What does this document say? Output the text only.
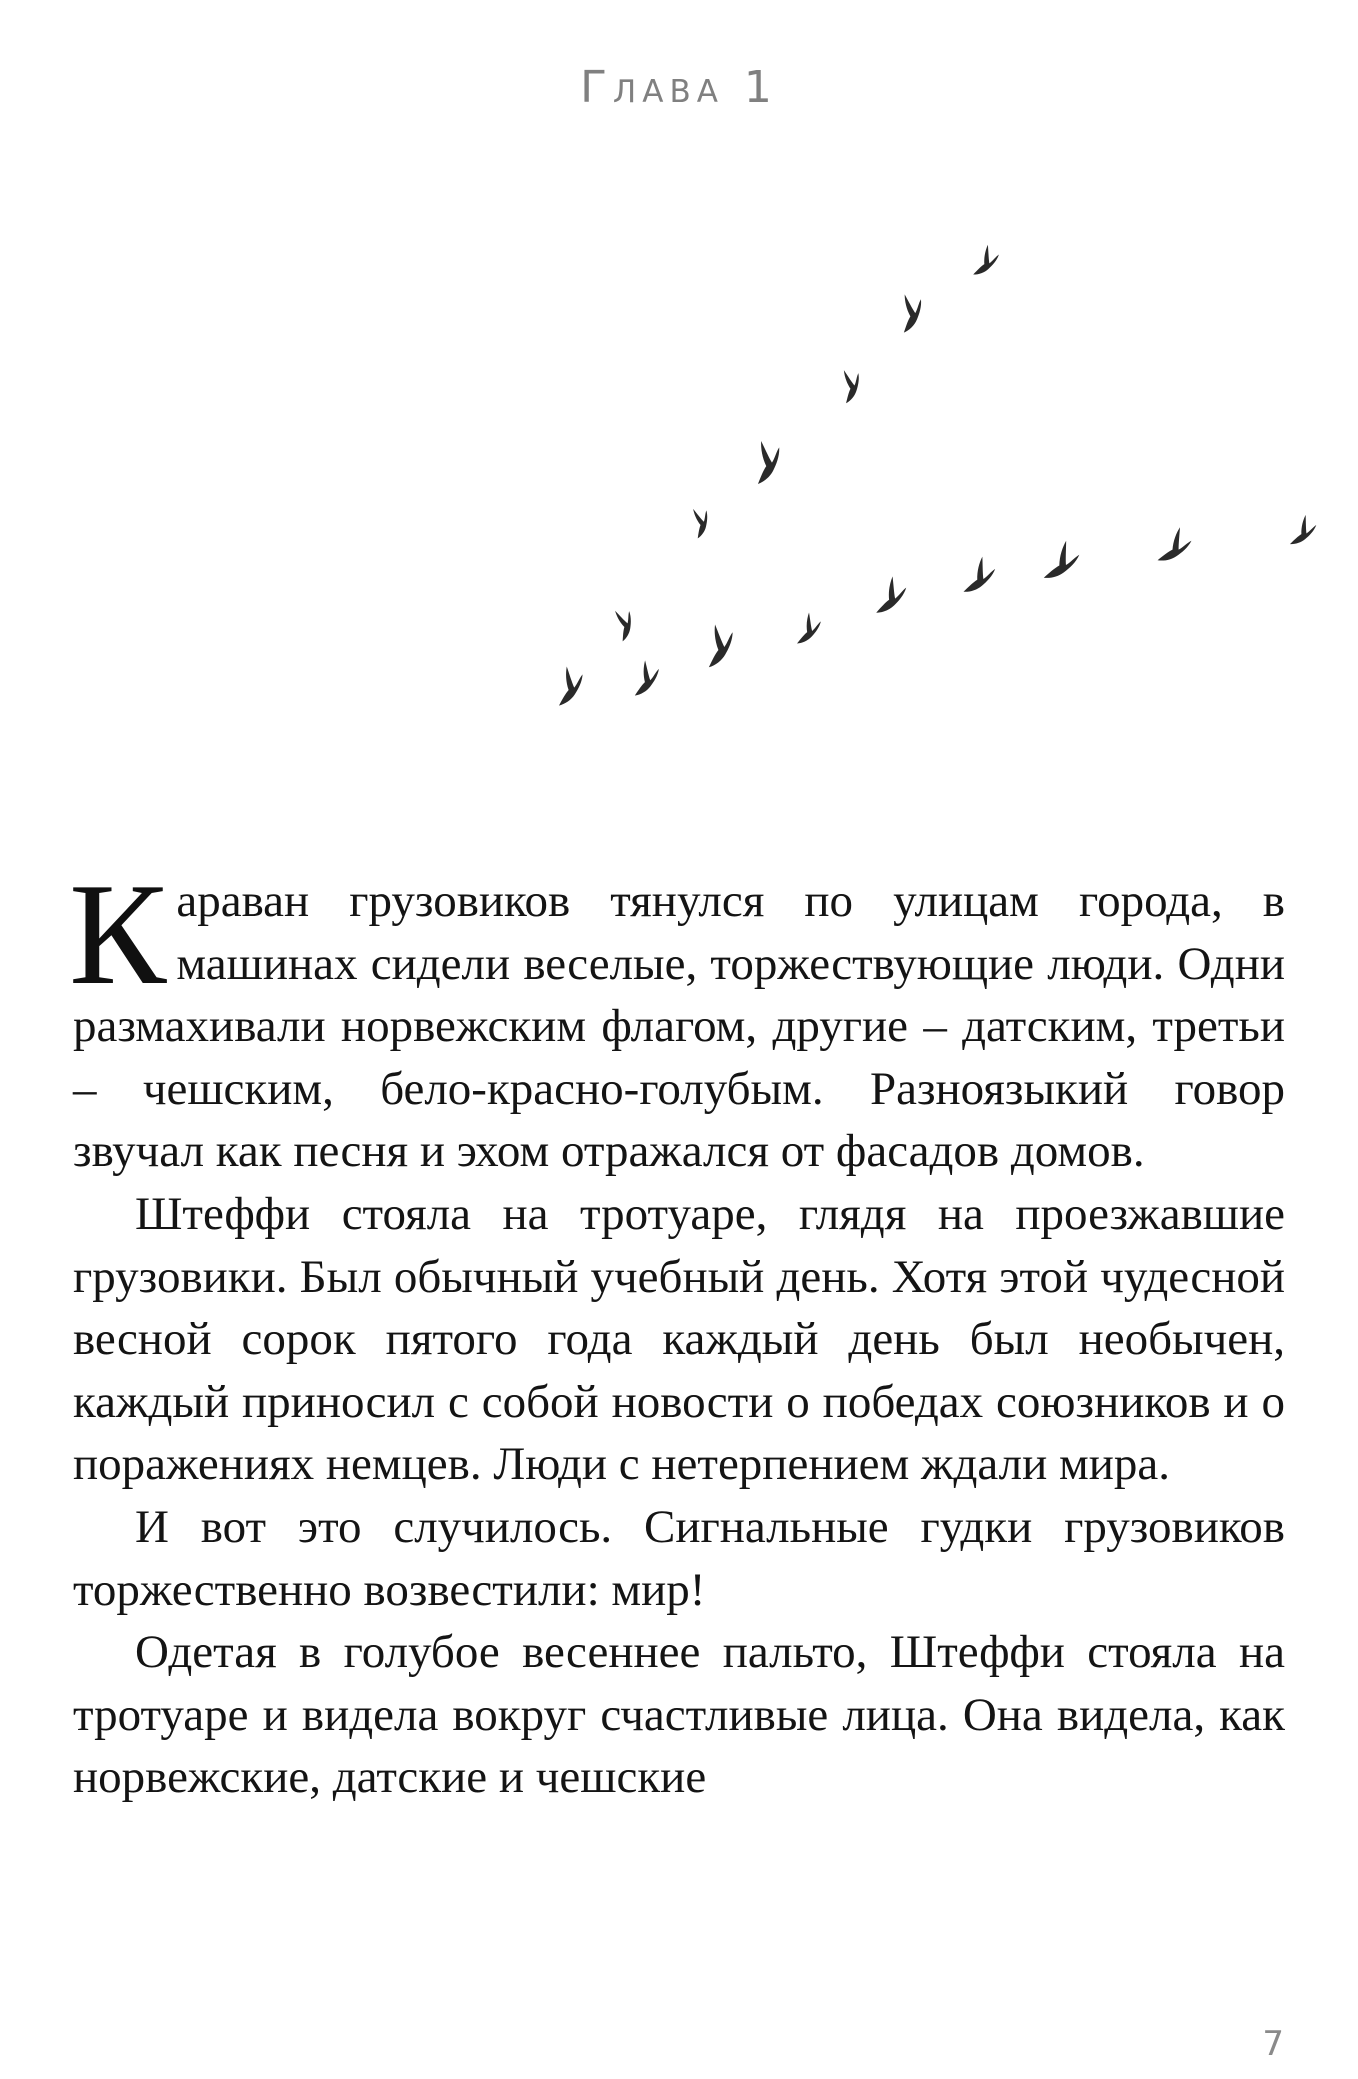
Глава 1

Караван грузовиков тянулся по улицам города, в машинах сидели веселые, торжествующие люди. Одни размахивали норвежским флагом, другие – датским, третьи – чешским, бело-красно-голубым. Разноязыкий говор звучал как песня и эхом отражался от фасадов домов.

Штеффи стояла на тротуаре, глядя на проезжавшие грузовики. Был обычный учебный день. Хотя этой чудесной весной сорок пятого года каждый день был необычен, каждый приносил с собой новости о победах союзников и о поражениях немцев. Люди с нетерпением ждали мира.

И вот это случилось. Сигнальные гудки грузовиков торжественно возвестили: мир!

Одетая в голубое весеннее пальто, Штеффи стояла на тротуаре и видела вокруг счастливые лица. Она видела, как норвежские, датские и чешские

7
